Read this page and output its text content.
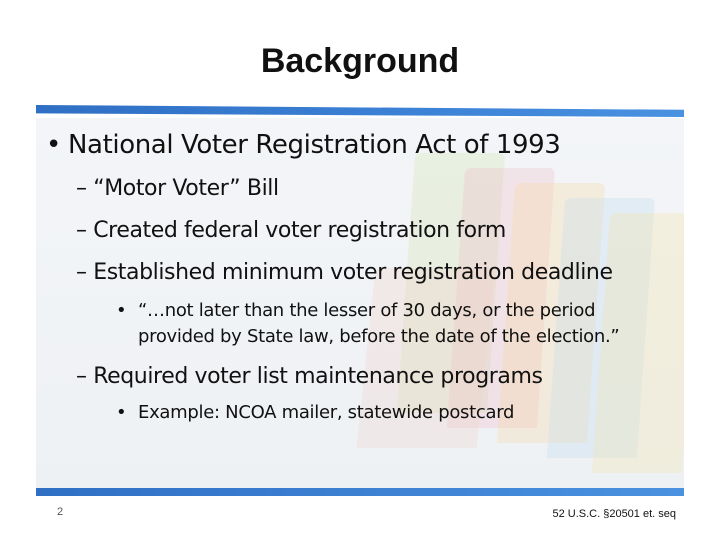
Background
• National Voter Registration Act of 1993
– “Motor Voter” Bill
– Created federal voter registration form
– Established minimum voter registration deadline
• “…not later than the lesser of 30 days, or the period provided by State law, before the date of the election.”
– Required voter list maintenance programs
• Example: NCOA mailer, statewide postcard
2	52 U.S.C. §20501 et. seq
